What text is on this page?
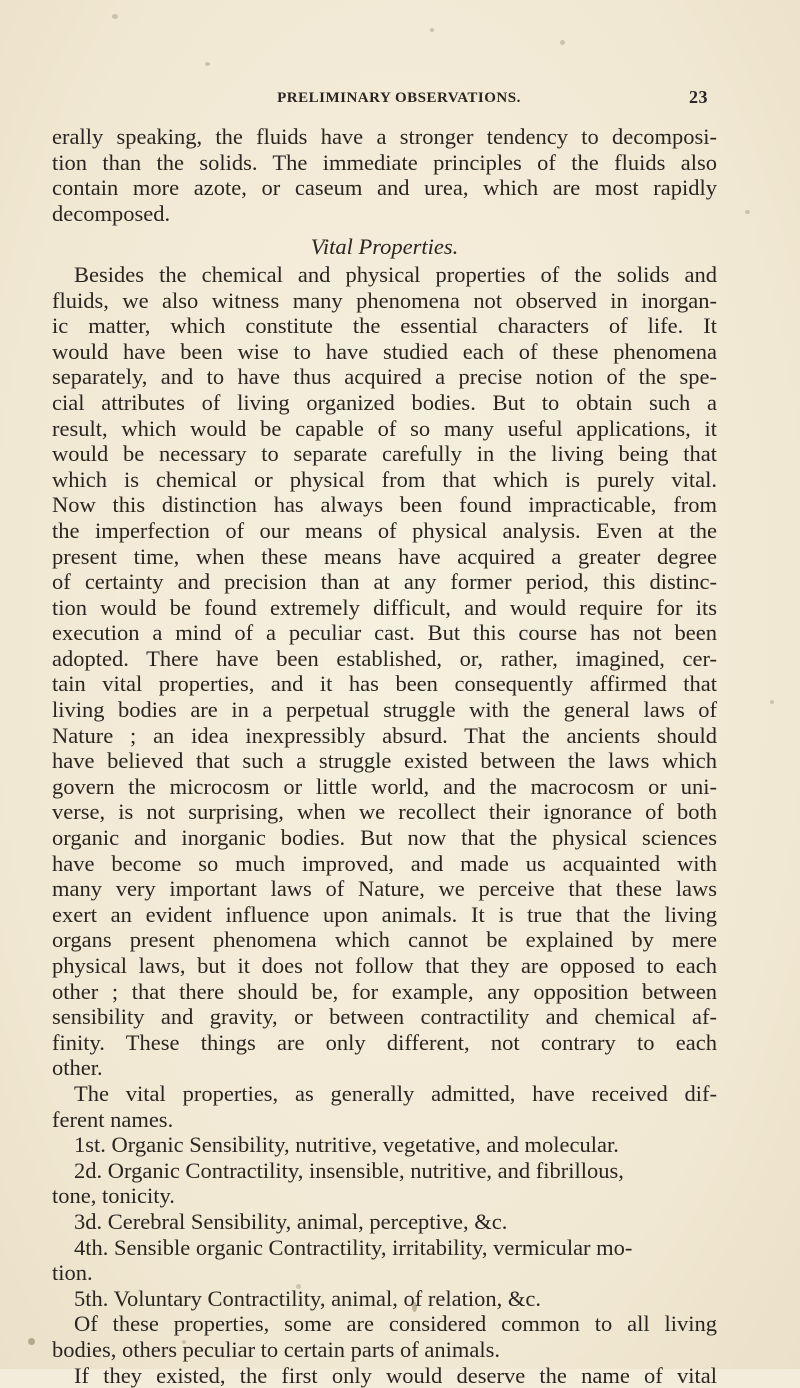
PRELIMINARY OBSERVATIONS.	23
erally speaking, the fluids have a stronger tendency to decomposi-
tion than the solids. The immediate principles of the fluids also
contain more azote, or caseum and urea, which are most rapidly
decomposed.
Vital Properties.
Besides the chemical and physical properties of the solids and
fluids, we also witness many phenomena not observed in inorgan-
ic matter, which constitute the essential characters of life. It
would have been wise to have studied each of these phenomena
separately, and to have thus acquired a precise notion of the spe-
cial attributes of living organized bodies. But to obtain such a
result, which would be capable of so many useful applications, it
would be necessary to separate carefully in the living being that
which is chemical or physical from that which is purely vital.
Now this distinction has always been found impracticable, from
the imperfection of our means of physical analysis. Even at the
present time, when these means have acquired a greater degree
of certainty and precision than at any former period, this distinc-
tion would be found extremely difficult, and would require for its
execution a mind of a peculiar cast. But this course has not been
adopted. There have been established, or, rather, imagined, cer-
tain vital properties, and it has been consequently affirmed that
living bodies are in a perpetual struggle with the general laws of
Nature ; an idea inexpressibly absurd. That the ancients should
have believed that such a struggle existed between the laws which
govern the microcosm or little world, and the macrocosm or uni-
verse, is not surprising, when we recollect their ignorance of both
organic and inorganic bodies. But now that the physical sciences
have become so much improved, and made us acquainted with
many very important laws of Nature, we perceive that these laws
exert an evident influence upon animals. It is true that the living
organs present phenomena which cannot be explained by mere
physical laws, but it does not follow that they are opposed to each
other ; that there should be, for example, any opposition between
sensibility and gravity, or between contractility and chemical af-
finity. These things are only different, not contrary to each
other.
The vital properties, as generally admitted, have received dif-
ferent names.
1st. Organic Sensibility, nutritive, vegetative, and molecular.
2d. Organic Contractility, insensible, nutritive, and fibrillous,
tone, tonicity.
3d. Cerebral Sensibility, animal, perceptive, &c.
4th. Sensible organic Contractility, irritability, vermicular mo-
tion.
5th. Voluntary Contractility, animal, of relation, &c.
Of these properties, some are considered common to all living
bodies, others peculiar to certain parts of animals.
If they existed, the first only would deserve the name of vital
